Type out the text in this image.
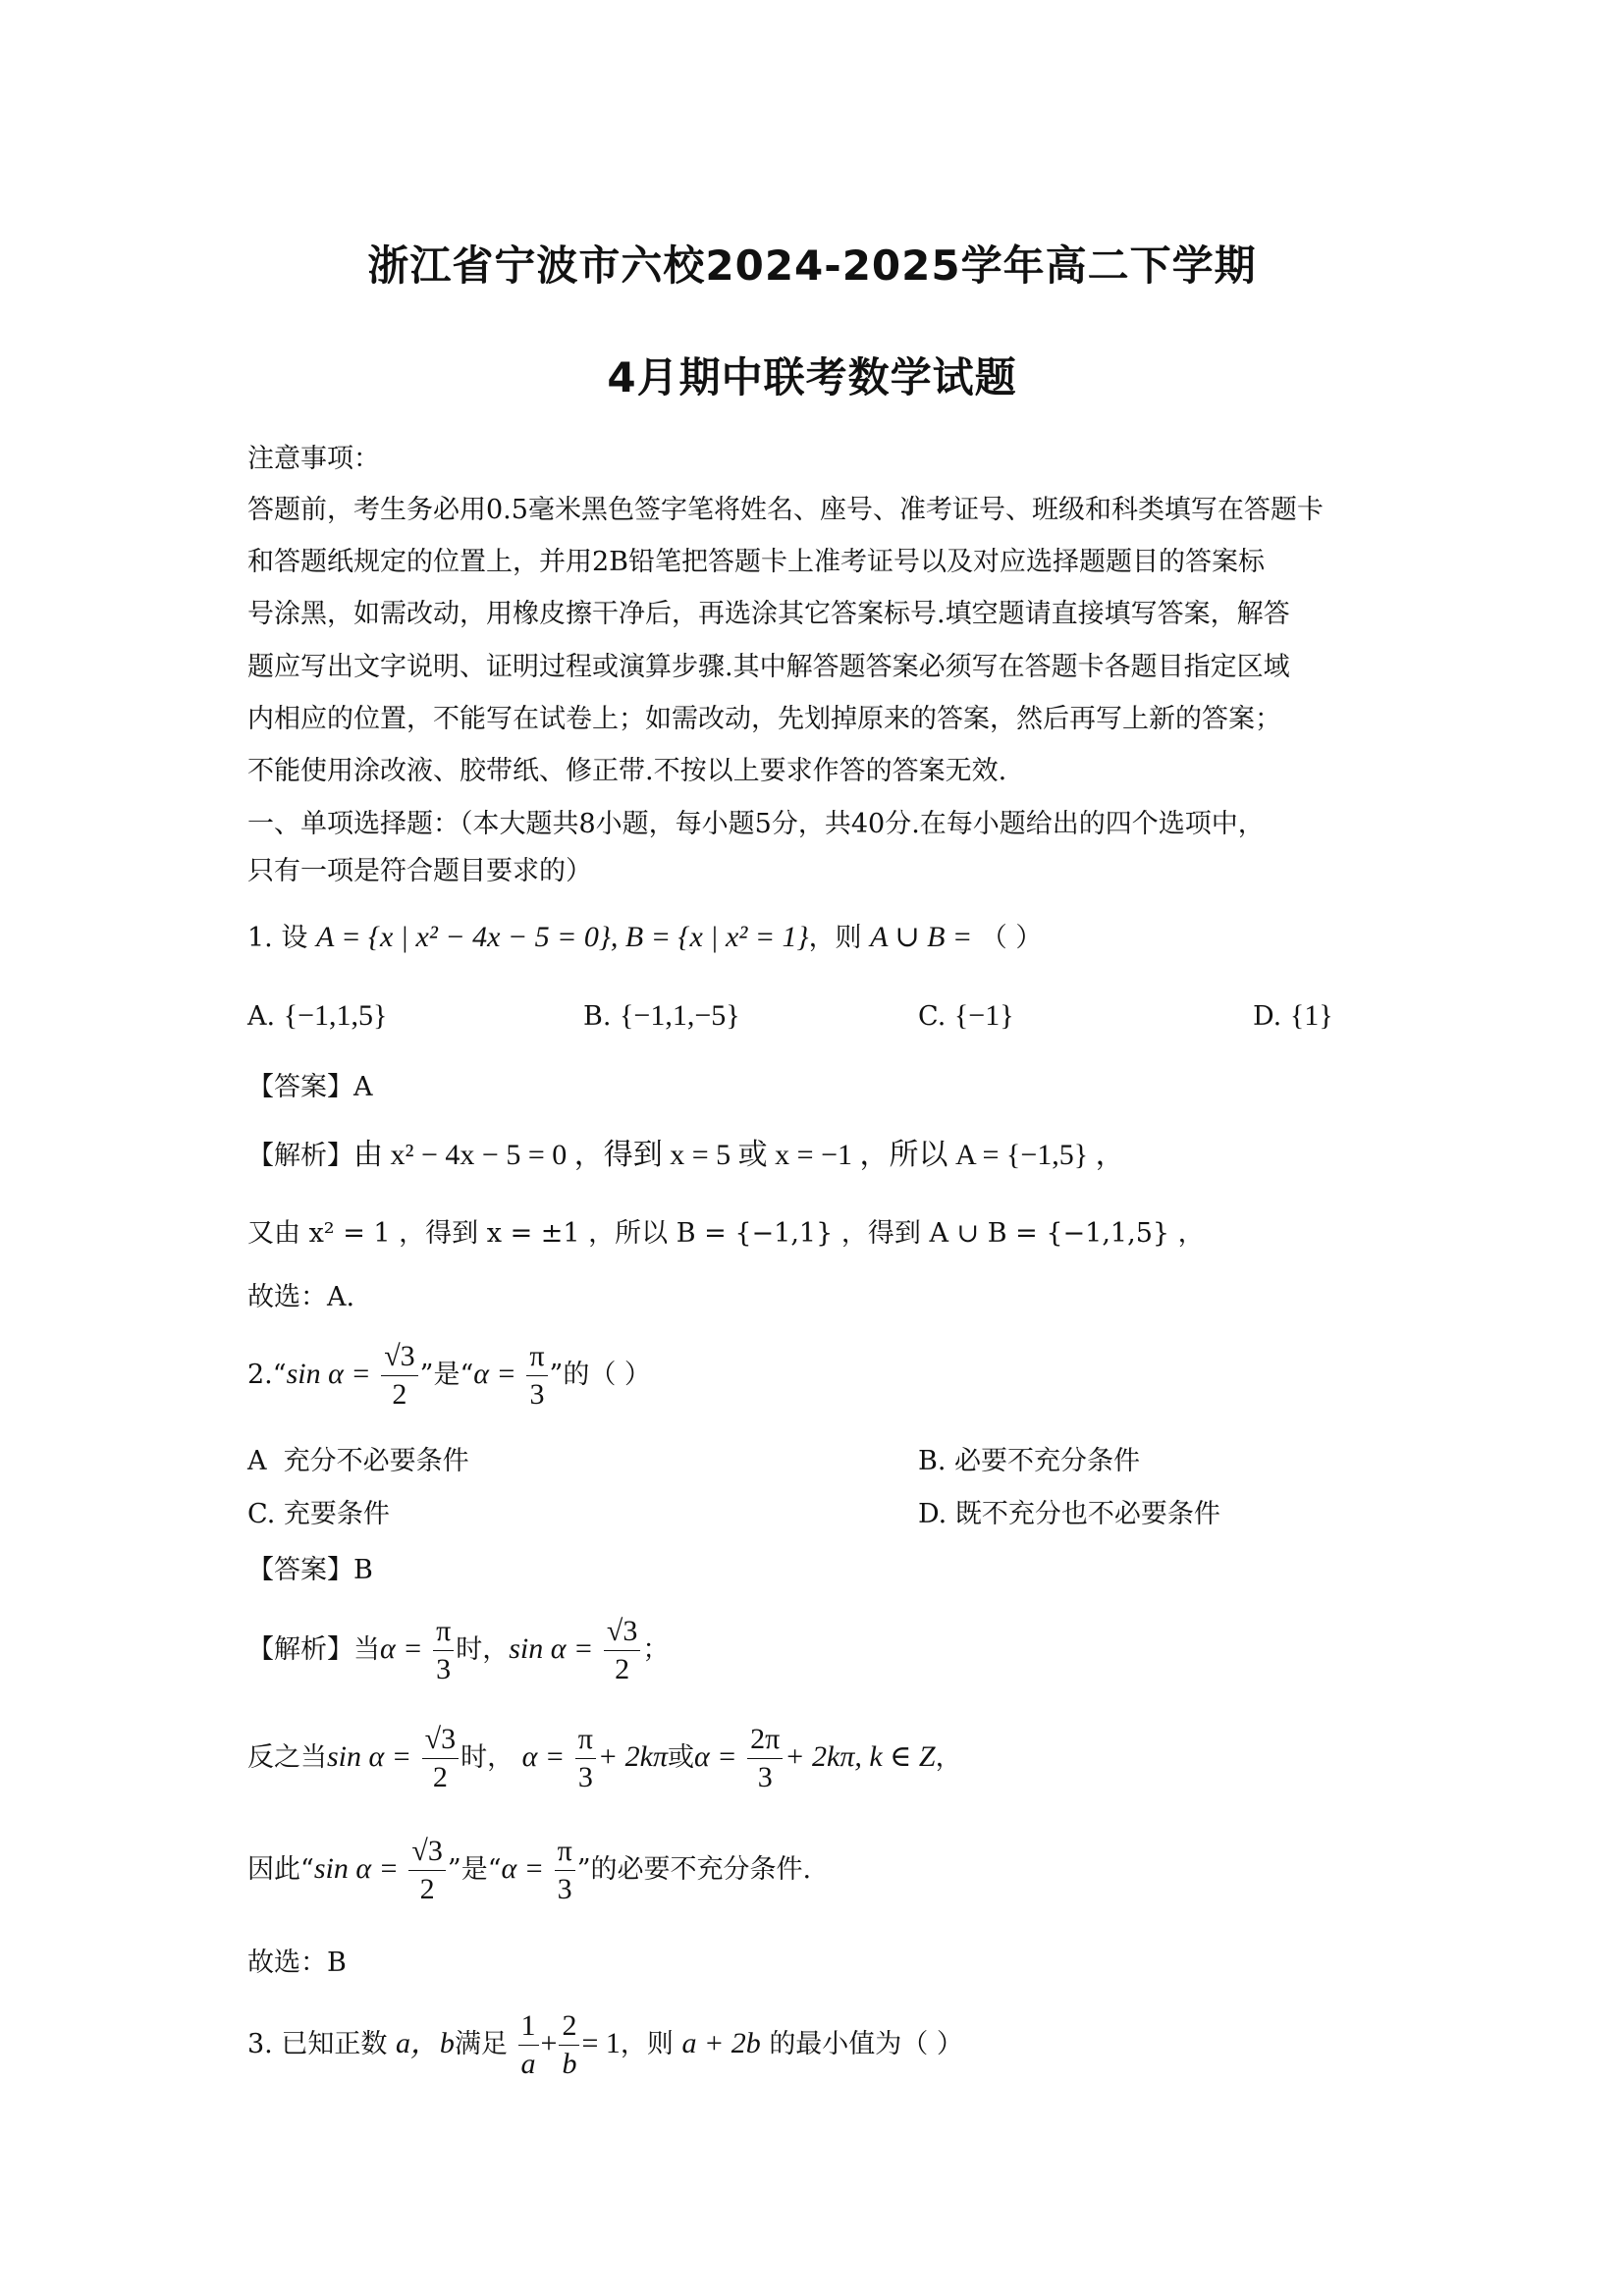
浙江省宁波市六校2024-2025学年高二下学期
4月期中联考数学试题
注意事项：
答题前，考生务必用0.5毫米黑色签字笔将姓名、座号、准考证号、班级和科类填写在答题卡
和答题纸规定的位置上，并用2B铅笔把答题卡上准考证号以及对应选择题题目的答案标
号涂黑，如需改动，用橡皮擦干净后，再选涂其它答案标号.填空题请直接填写答案，解答
题应写出文字说明、证明过程或演算步骤.其中解答题答案必须写在答题卡各题目指定区域
内相应的位置，不能写在试卷上；如需改动，先划掉原来的答案，然后再写上新的答案；
不能使用涂改液、胶带纸、修正带.不按以上要求作答的答案无效.
一、单项选择题：（本大题共8小题，每小题5分，共40分.在每小题给出的四个选项中，
只有一项是符合题目要求的）
1. 设 A = {x | x² − 4x − 5 = 0}, B = {x | x² = 1}，则 A ∪ B = （ ）
A. {−1,1,5}	B. {−1,1,−5}	C. {−1}	D. {1}
【答案】A
【解析】由 x² − 4x − 5 = 0 ，得到 x = 5 或 x = −1 ，所以 A = {−1,5} ，
又由 x² = 1 ，得到 x = ±1 ，所以 B = {−1,1} ，得到 A ∪ B = {−1,1,5} ，
故选：A.
2.“sin $\alpha = \frac{√3}{2}$ ”是“$\alpha = \frac{\pi}{3}$ ”的（ ）
A 充分不必要条件	B. 必要不充分条件
C. 充要条件	D. 既不充分也不必要条件
【答案】B
【解析】当$\alpha = \frac{\pi}{3}$ 时，$\sin \alpha = \frac{√3}{2}$ ；
反之当$\sin \alpha = \frac{√3}{2}$ 时， $\alpha = \frac{\pi}{3} + 2k\pi$或$\alpha = \frac{2\pi}{3} + 2k\pi$, k ∈ Z，
因此“sin $\alpha = \frac{√3}{2}$ ”是“$\alpha = \frac{\pi}{3}$ ”的必要不充分条件.
故选：B
3. 已知正数 a，b满足 $\frac{1}{a} + \frac{2}{b} = 1$，则 a + 2b 的最小值为（ ）
